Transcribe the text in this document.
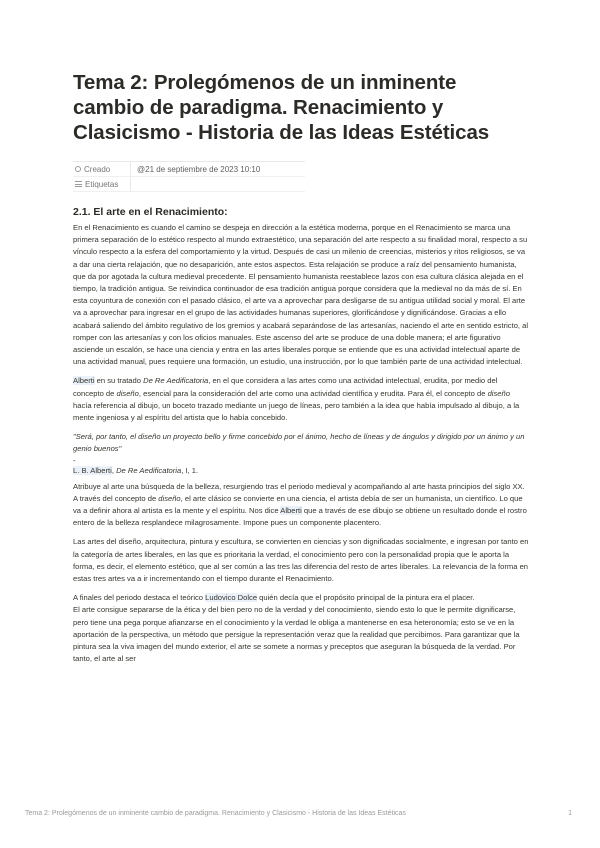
Tema 2: Prolegómenos de un inminente cambio de paradigma. Renacimiento y Clasicismo - Historia de las Ideas Estéticas
Creado	@21 de septiembre de 2023 10:10
Etiquetas
2.1. El arte en el Renacimiento:

En el Renacimiento es cuando el camino se despeja en dirección a la estética moderna, porque en el Renacimiento se marca una primera separación de lo estético respecto al mundo extraestético, una separación del arte respecto a su finalidad moral, respecto a su vínculo respecto a la esfera del comportamiento y la virtud. Después de casi un milenio de creencias, misterios y ritos religiosos, se va a dar una cierta relajación, que no desaparición, ante estos aspectos. Esta relajación se produce a raíz del pensamiento humanista, que da por agotada la cultura medieval precedente. El pensamiento humanista reestablece lazos con esa cultura clásica alejada en el tiempo, la tradición antigua. Se reivindica continuador de esa tradición antigua porque considera que la medieval no da más de sí. En esta coyuntura de conexión con el pasado clásico, el arte va a aprovechar para desligarse de su antigua utilidad social y moral. El arte va a aprovechar para ingresar en el grupo de las actividades humanas superiores, glorificándose y dignificándose. Gracias a ello acabará saliendo del ámbito regulativo de los gremios y acabará separándose de las artesanías, naciendo el arte en sentido estricto, al romper con las artesanías y con los oficios manuales. Este ascenso del arte se produce de una doble manera; el arte figurativo asciende un escalón, se hace una ciencia y entra en las artes liberales porque se entiende que es una actividad intelectual aparte de una actividad manual, pues requiere una formación, un estudio, una instrucción, por lo que también parte de una actividad intelectual.

Alberti en su tratado De Re Aedificatoria, en el que considera a las artes como una actividad intelectual, erudita, por medio del concepto de diseño, esencial para la consideración del arte como una actividad científica y erudita. Para él, el concepto de diseño hacía referencia al dibujo, un boceto trazado mediante un juego de líneas, pero también a la idea que había impulsado al dibujo, a la mente ingeniosa y al espíritu del artista que lo había concebido.

"Será, por tanto, el diseño un proyecto bello y firme concebido por el ánimo, hecho de líneas y de ángulos y dirigido por un ánimo y un genio buenos"

-

L. B. Alberti, De Re Aedificatoria, I, 1.

Atribuye al arte una búsqueda de la belleza, resurgiendo tras el periodo medieval y acompañando al arte hasta principios del siglo XX. A través del concepto de diseño, el arte clásico se convierte en una ciencia, el artista debía de ser un humanista, un científico. Lo que va a definir ahora al artista es la mente y el espíritu. Nos dice Alberti que a través de ese dibujo se obtiene un resultado donde el rostro entero de la belleza resplandece milagrosamente. Impone pues un componente placentero.

Las artes del diseño, arquitectura, pintura y escultura, se convierten en ciencias y son dignificadas socialmente, e ingresan por tanto en la categoría de artes liberales, en las que es prioritaria la verdad, el conocimiento pero con la personalidad propia que le aporta la forma, es decir, el elemento estético, que al ser común a las tres las diferencia del resto de artes liberales. La relevancia de la forma en estas tres artes va a ir incrementando con el tiempo durante el Renacimiento.

A finales del periodo destaca el teórico Ludovico Dolce quién decía que el propósito principal de la pintura era el placer.

El arte consigue separarse de la ética y del bien pero no de la verdad y del conocimiento, siendo esto lo que le permite dignificarse, pero tiene una pega porque afianzarse en el conocimiento y la verdad le obliga a mantenerse en esa heteronomía; esto se ve en la aportación de la perspectiva, un método que persigue la representación veraz que la realidad que percibimos. Para garantizar que la pintura sea la viva imagen del mundo exterior, el arte se somete a normas y preceptos que aseguran la búsqueda de la verdad. Por tanto, el arte al ser

Tema 2: Prolegómenos de un inminente cambio de paradigma. Renacimiento y Clasicismo - Historia de las Ideas Estéticas	1
